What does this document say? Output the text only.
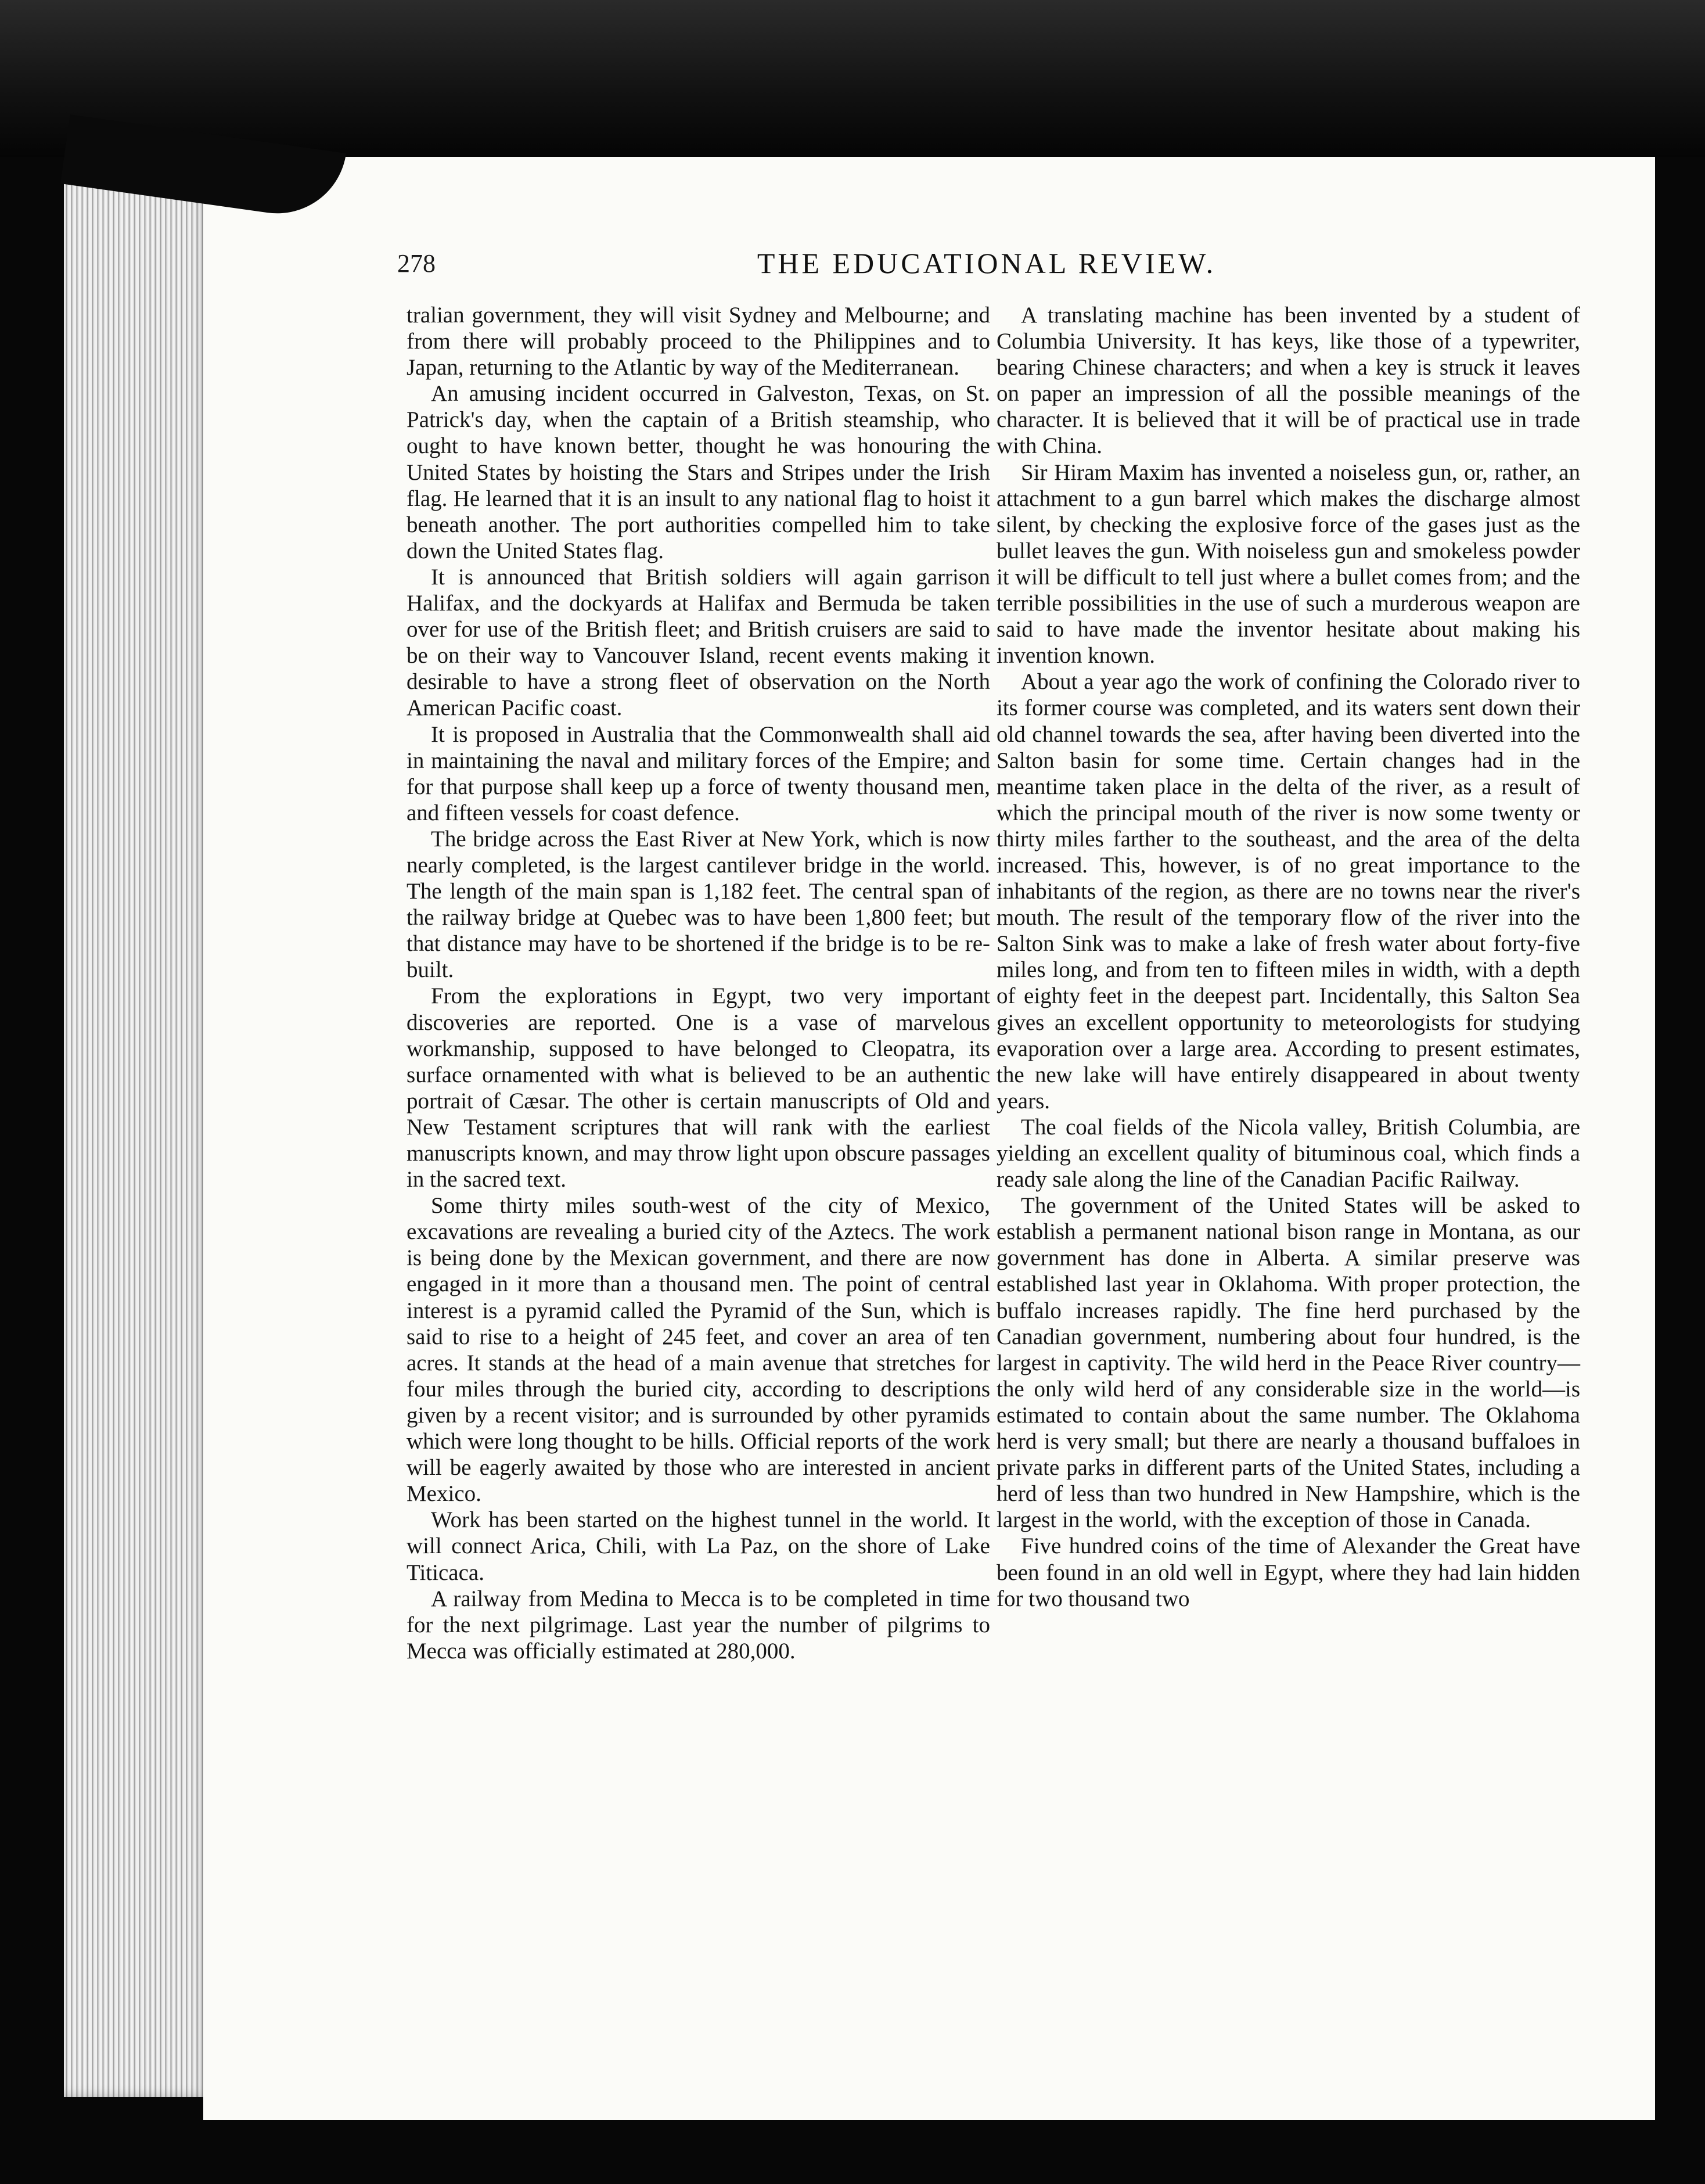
278	THE EDUCATIONAL REVIEW.

tralian government, they will visit Sydney and Melbourne; and from there will probably proceed to the Philippines and to Japan, returning to the Atlantic by way of the Mediterranean.

An amusing incident occurred in Galveston, Texas, on St. Patrick's day, when the captain of a British steamship, who ought to have known better, thought he was honouring the United States by hoisting the Stars and Stripes under the Irish flag. He learned that it is an insult to any national flag to hoist it beneath another. The port authorities compelled him to take down the United States flag.

It is announced that British soldiers will again garrison Halifax, and the dockyards at Halifax and Bermuda be taken over for use of the British fleet; and British cruisers are said to be on their way to Vancouver Island, recent events making it desirable to have a strong fleet of observation on the North American Pacific coast.

It is proposed in Australia that the Commonwealth shall aid in maintaining the naval and military forces of the Empire; and for that purpose shall keep up a force of twenty thousand men, and fifteen vessels for coast defence.

The bridge across the East River at New York, which is now nearly completed, is the largest cantilever bridge in the world. The length of the main span is 1,182 feet. The central span of the railway bridge at Quebec was to have been 1,800 feet; but that distance may have to be shortened if the bridge is to be re-built.

From the explorations in Egypt, two very important discoveries are reported. One is a vase of marvelous workmanship, supposed to have belonged to Cleopatra, its surface ornamented with what is believed to be an authentic portrait of Cæsar. The other is certain manuscripts of Old and New Testament scriptures that will rank with the earliest manuscripts known, and may throw light upon obscure passages in the sacred text.

Some thirty miles south-west of the city of Mexico, excavations are revealing a buried city of the Aztecs. The work is being done by the Mexican government, and there are now engaged in it more than a thousand men. The point of central interest is a pyramid called the Pyramid of the Sun, which is said to rise to a height of 245 feet, and cover an area of ten acres. It stands at the head of a main avenue that stretches for four miles through the buried city, according to descriptions given by a recent visitor; and is surrounded by other pyramids which were long thought to be hills. Official reports of the work will be eagerly awaited by those who are interested in ancient Mexico.

Work has been started on the highest tunnel in the world. It will connect Arica, Chili, with La Paz, on the shore of Lake Titicaca.

A railway from Medina to Mecca is to be completed in time for the next pilgrimage. Last year the number of pilgrims to Mecca was officially estimated at 280,000.

A translating machine has been invented by a student of Columbia University. It has keys, like those of a typewriter, bearing Chinese characters; and when a key is struck it leaves on paper an impression of all the possible meanings of the character. It is believed that it will be of practical use in trade with China.

Sir Hiram Maxim has invented a noiseless gun, or, rather, an attachment to a gun barrel which makes the discharge almost silent, by checking the explosive force of the gases just as the bullet leaves the gun. With noiseless gun and smokeless powder it will be difficult to tell just where a bullet comes from; and the terrible possibilities in the use of such a murderous weapon are said to have made the inventor hesitate about making his invention known.

About a year ago the work of confining the Colorado river to its former course was completed, and its waters sent down their old channel towards the sea, after having been diverted into the Salton basin for some time. Certain changes had in the meantime taken place in the delta of the river, as a result of which the principal mouth of the river is now some twenty or thirty miles farther to the southeast, and the area of the delta increased. This, however, is of no great importance to the inhabitants of the region, as there are no towns near the river's mouth. The result of the temporary flow of the river into the Salton Sink was to make a lake of fresh water about forty-five miles long, and from ten to fifteen miles in width, with a depth of eighty feet in the deepest part. Incidentally, this Salton Sea gives an excellent opportunity to meteorologists for studying evaporation over a large area. According to present estimates, the new lake will have entirely disappeared in about twenty years.

The coal fields of the Nicola valley, British Columbia, are yielding an excellent quality of bituminous coal, which finds a ready sale along the line of the Canadian Pacific Railway.

The government of the United States will be asked to establish a permanent national bison range in Montana, as our government has done in Alberta. A similar preserve was established last year in Oklahoma. With proper protection, the buffalo increases rapidly. The fine herd purchased by the Canadian government, numbering about four hundred, is the largest in captivity. The wild herd in the Peace River country—the only wild herd of any considerable size in the world—is estimated to contain about the same number. The Oklahoma herd is very small; but there are nearly a thousand buffaloes in private parks in different parts of the United States, including a herd of less than two hundred in New Hampshire, which is the largest in the world, with the exception of those in Canada.

Five hundred coins of the time of Alexander the Great have been found in an old well in Egypt, where they had lain hidden for two thousand two
